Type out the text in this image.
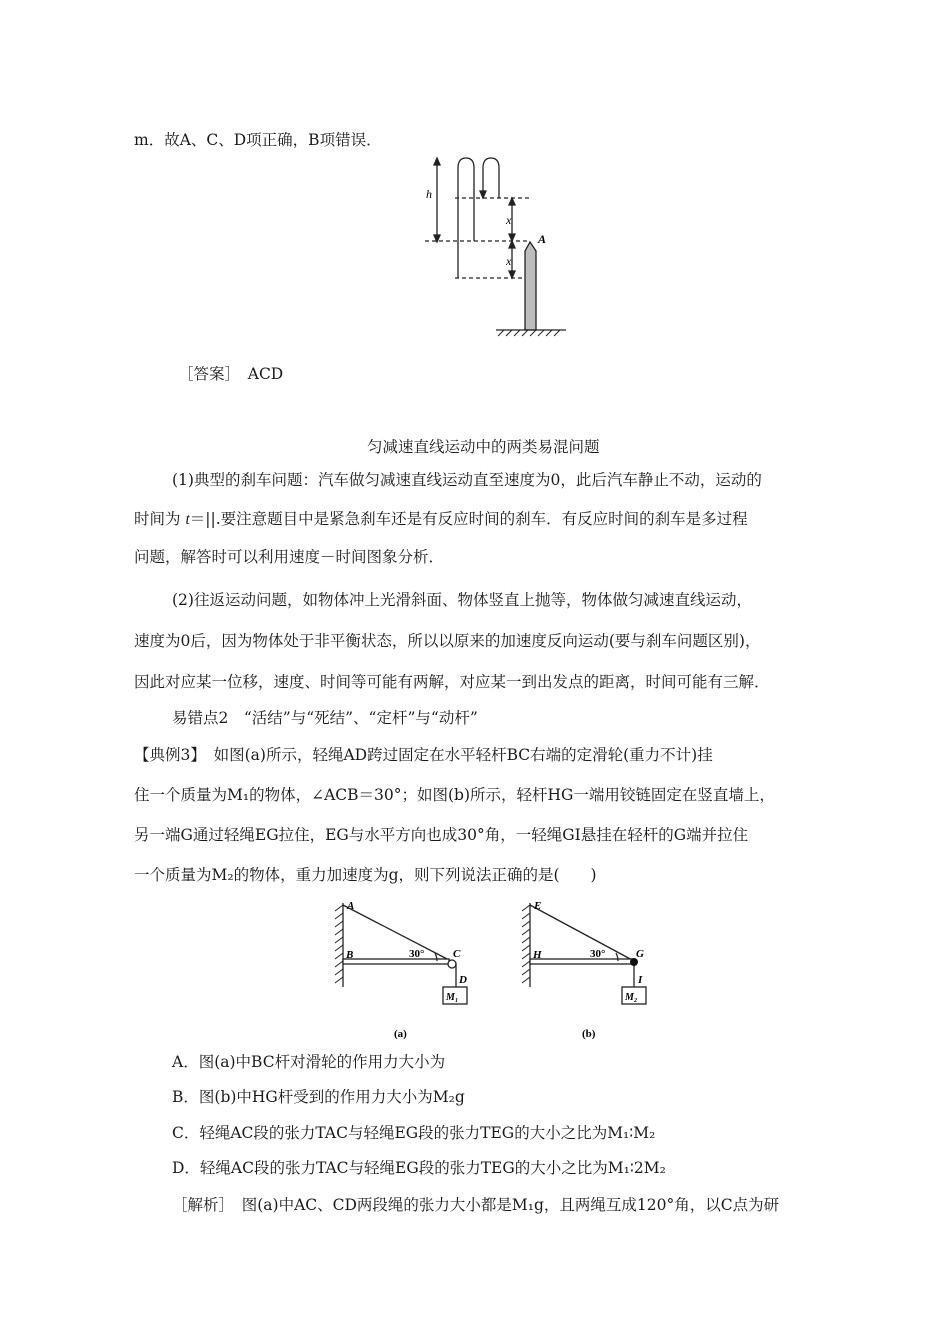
m．故A、C、D项正确，B项错误．
h
x
x
A
［答案］　ACD
匀减速直线运动中的两类易混问题
(1)典型的刹车问题：汽车做匀减速直线运动直至速度为0，此后汽车静止不动，运动的
时间为 t＝||.要注意题目中是紧急刹车还是有反应时间的刹车．有反应时间的刹车是多过程
问题，解答时可以利用速度－时间图象分析．
(2)往返运动问题，如物体冲上光滑斜面、物体竖直上抛等，物体做匀减速直线运动，
速度为0后，因为物体处于非平衡状态，所以以原来的加速度反向运动(要与刹车问题区别)，
因此对应某一位移，速度、时间等可能有两解，对应某一到出发点的距离，时间可能有三解．
易错点2　“活结”与“死结”、“定杆”与“动杆”
【典例3】　如图(a)所示，轻绳AD跨过固定在水平轻杆BC右端的定滑轮(重力不计)挂
住一个质量为M₁的物体，∠ACB＝30°；如图(b)所示，轻杆HG一端用铰链固定在竖直墙上，
另一端G通过轻绳EG拉住，EG与水平方向也成30°角，一轻绳GI悬挂在轻杆的G端并拉住
一个质量为M₂的物体，重力加速度为g，则下列说法正确的是(　　)
A
B	C
D
30°
M₁
(a)
E
H	G
I
30°
M₂
(b)
A．图(a)中BC杆对滑轮的作用力大小为
B．图(b)中HG杆受到的作用力大小为M₂g
C．轻绳AC段的张力TAC与轻绳EG段的张力TEG的大小之比为M₁∶M₂
D．轻绳AC段的张力TAC与轻绳EG段的张力TEG的大小之比为M₁∶2M₂
［解析］　图(a)中AC、CD两段绳的张力大小都是M₁g，且两绳互成120°角，以C点为研
